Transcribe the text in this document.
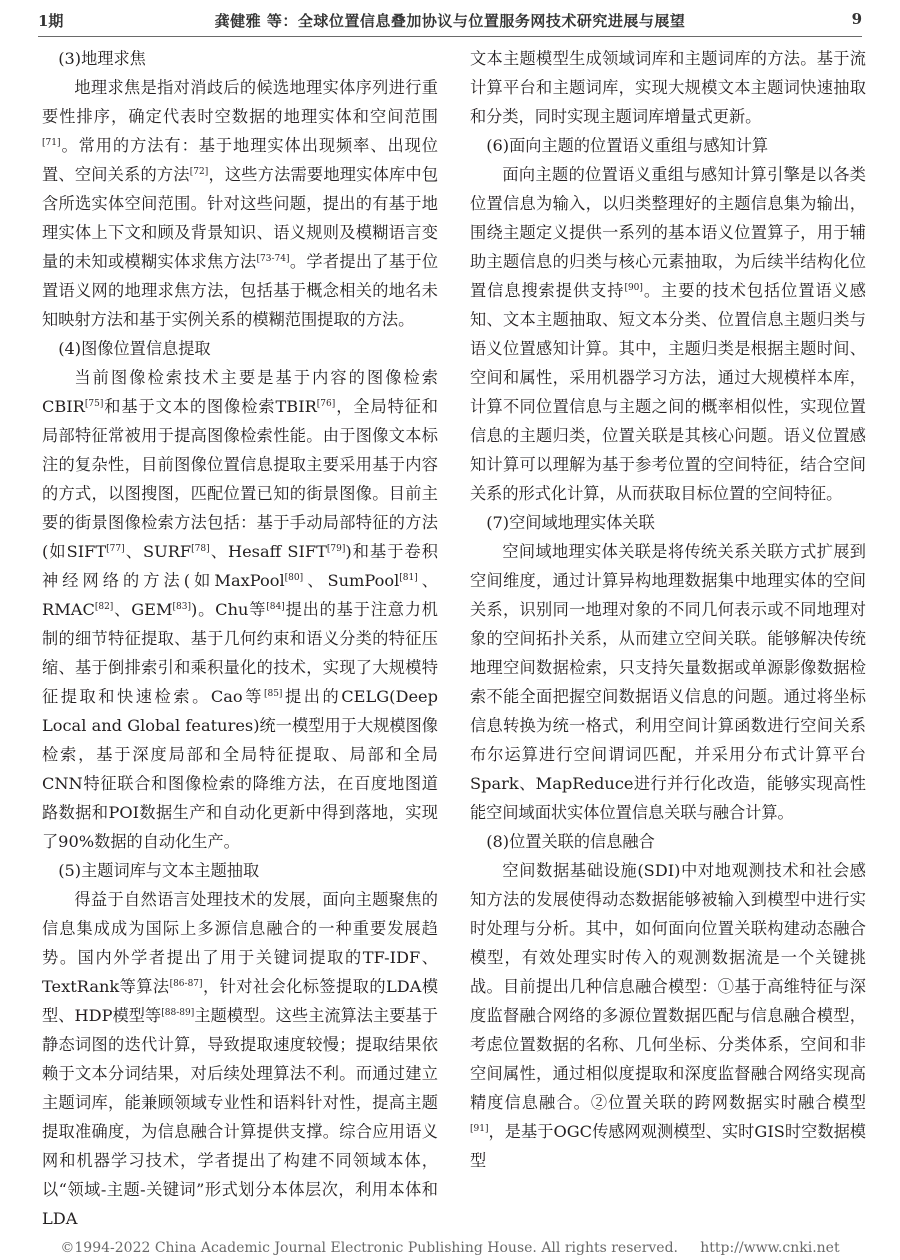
1期	龚健雅 等：全球位置信息叠加协议与位置服务网技术研究进展与展望	9

(3)地理求焦

地理求焦是指对消歧后的候选地理实体序列进行重要性排序，确定代表时空数据的地理实体和空间范围[71]。常用的方法有：基于地理实体出现频率、出现位置、空间关系的方法[72]，这些方法需要地理实体库中包含所选实体空间范围。针对这些问题，提出的有基于地理实体上下文和顾及背景知识、语义规则及模糊语言变量的未知或模糊实体求焦方法[73-74]。学者提出了基于位置语义网的地理求焦方法，包括基于概念相关的地名未知映射方法和基于实例关系的模糊范围提取的方法。

(4)图像位置信息提取

当前图像检索技术主要是基于内容的图像检索CBIR[75]和基于文本的图像检索TBIR[76]，全局特征和局部特征常被用于提高图像检索性能。由于图像文本标注的复杂性，目前图像位置信息提取主要采用基于内容的方式，以图搜图，匹配位置已知的街景图像。目前主要的街景图像检索方法包括：基于手动局部特征的方法(如SIFT[77]、SURF[78]、Hesaff SIFT[79])和基于卷积神经网络的方法(如MaxPool[80]、SumPool[81]、RMAC[82]、GEM[83])。Chu等[84]提出的基于注意力机制的细节特征提取、基于几何约束和语义分类的特征压缩、基于倒排索引和乘积量化的技术，实现了大规模特征提取和快速检索。Cao等[85]提出的CELG(Deep Local and Global features)统一模型用于大规模图像检索，基于深度局部和全局特征提取、局部和全局CNN特征联合和图像检索的降维方法，在百度地图道路数据和POI数据生产和自动化更新中得到落地，实现了90%数据的自动化生产。

(5)主题词库与文本主题抽取

得益于自然语言处理技术的发展，面向主题聚焦的信息集成成为国际上多源信息融合的一种重要发展趋势。国内外学者提出了用于关键词提取的TF-IDF、TextRank等算法[86-87]，针对社会化标签提取的LDA模型、HDP模型等[88-89]主题模型。这些主流算法主要基于静态词图的迭代计算，导致提取速度较慢；提取结果依赖于文本分词结果，对后续处理算法不利。而通过建立主题词库，能兼顾领域专业性和语料针对性，提高主题提取准确度，为信息融合计算提供支撑。综合应用语义网和机器学习技术，学者提出了构建不同领域本体，以“领域-主题-关键词”形式划分本体层次，利用本体和LDA

文本主题模型生成领域词库和主题词库的方法。基于流计算平台和主题词库，实现大规模文本主题词快速抽取和分类，同时实现主题词库增量式更新。

(6)面向主题的位置语义重组与感知计算

面向主题的位置语义重组与感知计算引擎是以各类位置信息为输入，以归类整理好的主题信息集为输出，围绕主题定义提供一系列的基本语义位置算子，用于辅助主题信息的归类与核心元素抽取，为后续半结构化位置信息搜索提供支持[90]。主要的技术包括位置语义感知、文本主题抽取、短文本分类、位置信息主题归类与语义位置感知计算。其中，主题归类是根据主题时间、空间和属性，采用机器学习方法，通过大规模样本库，计算不同位置信息与主题之间的概率相似性，实现位置信息的主题归类，位置关联是其核心问题。语义位置感知计算可以理解为基于参考位置的空间特征，结合空间关系的形式化计算，从而获取目标位置的空间特征。

(7)空间域地理实体关联

空间域地理实体关联是将传统关系关联方式扩展到空间维度，通过计算异构地理数据集中地理实体的空间关系，识别同一地理对象的不同几何表示或不同地理对象的空间拓扑关系，从而建立空间关联。能够解决传统地理空间数据检索，只支持矢量数据或单源影像数据检索不能全面把握空间数据语义信息的问题。通过将坐标信息转换为统一格式，利用空间计算函数进行空间关系布尔运算进行空间谓词匹配，并采用分布式计算平台Spark、MapReduce进行并行化改造，能够实现高性能空间域面状实体位置信息关联与融合计算。

(8)位置关联的信息融合

空间数据基础设施(SDI)中对地观测技术和社会感知方法的发展使得动态数据能够被输入到模型中进行实时处理与分析。其中，如何面向位置关联构建动态融合模型，有效处理实时传入的观测数据流是一个关键挑战。目前提出几种信息融合模型：①基于高维特征与深度监督融合网络的多源位置数据匹配与信息融合模型，考虑位置数据的名称、几何坐标、分类体系，空间和非空间属性，通过相似度提取和深度监督融合网络实现高精度信息融合。②位置关联的跨网数据实时融合模型[91]，是基于OGC传感网观测模型、实时GIS时空数据模型

©1994-2022 China Academic Journal Electronic Publishing House. All rights reserved. http://www.cnki.net
